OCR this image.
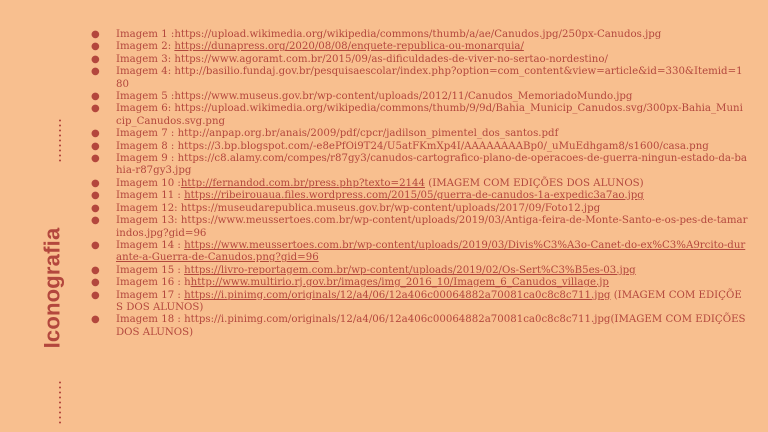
Iconografia
● Imagem 1 :https://upload.wikimedia.org/wikipedia/commons/thumb/a/ae/Canudos.jpg/250px-Canudos.jpg
● Imagem 2: https://dunapress.org/2020/08/08/enquete-republica-ou-monarquia/
● Imagem 3: https://www.agoramt.com.br/2015/09/as-dificuldades-de-viver-no-sertao-nordestino/
● Imagem 4: http://basilio.fundaj.gov.br/pesquisaescolar/index.php?option=com_content&view=article&id=330&Itemid=180
● Imagem 5 :https://www.museus.gov.br/wp-content/uploads/2012/11/Canudos_MemoriadoMundo.jpg
● Imagem 6: https://upload.wikimedia.org/wikipedia/commons/thumb/9/9d/Bahia_Municip_Canudos.svg/300px-Bahia_Municip_Canudos.svg.png
● Imagem 7 : http://anpap.org.br/anais/2009/pdf/cpcr/jadilson_pimentel_dos_santos.pdf
● Imagem 8 : https://3.bp.blogspot.com/-e8ePfOi9T24/U5atFKmXp4I/AAAAAAAABp0/_uMuEdhgam8/s1600/casa.png
● Imagem 9 : https://c8.alamy.com/compes/r87gy3/canudos-cartografico-plano-de-operacoes-de-guerra-ningun-estado-da-bahia-r87gy3.jpg
● Imagem 10 :http://fernandod.com.br/press.php?texto=2144 (IMAGEM COM EDIÇÕES DOS ALUNOS)
● Imagem 11 : https://ribeirouaua.files.wordpress.com/2015/05/guerra-de-canudos-1a-expedic3a7ao.jpg
● Imagem 12: https://museudarepublica.museus.gov.br/wp-content/uploads/2017/09/Foto12.jpg
● Imagem 13: https://www.meussertoes.com.br/wp-content/uploads/2019/03/Antiga-feira-de-Monte-Santo-e-os-pes-de-tamarindos.jpg?gid=96
● Imagem 14 : https://www.meussertoes.com.br/wp-content/uploads/2019/03/Divis%C3%A3o-Canet-do-ex%C3%A9rcito-durante-a-Guerra-de-Canudos.png?gid=96
● Imagem 15 : https://livro-reportagem.com.br/wp-content/uploads/2019/02/Os-Sert%C3%B5es-03.jpg
● Imagem 16 : hhttp://www.multirio.rj.gov.br/images/img_2016_10/Imagem_6_Canudos_village.jp
● Imagem 17 : https://i.pinimg.com/originals/12/a4/06/12a406c00064882a70081ca0c8c8c711.jpg (IMAGEM COM EDIÇÕES DOS ALUNOS)
● Imagem 18 : https://i.pinimg.com/originals/12/a4/06/12a406c00064882a70081ca0c8c8c711.jpg(IMAGEM COM EDIÇÕES DOS ALUNOS)
